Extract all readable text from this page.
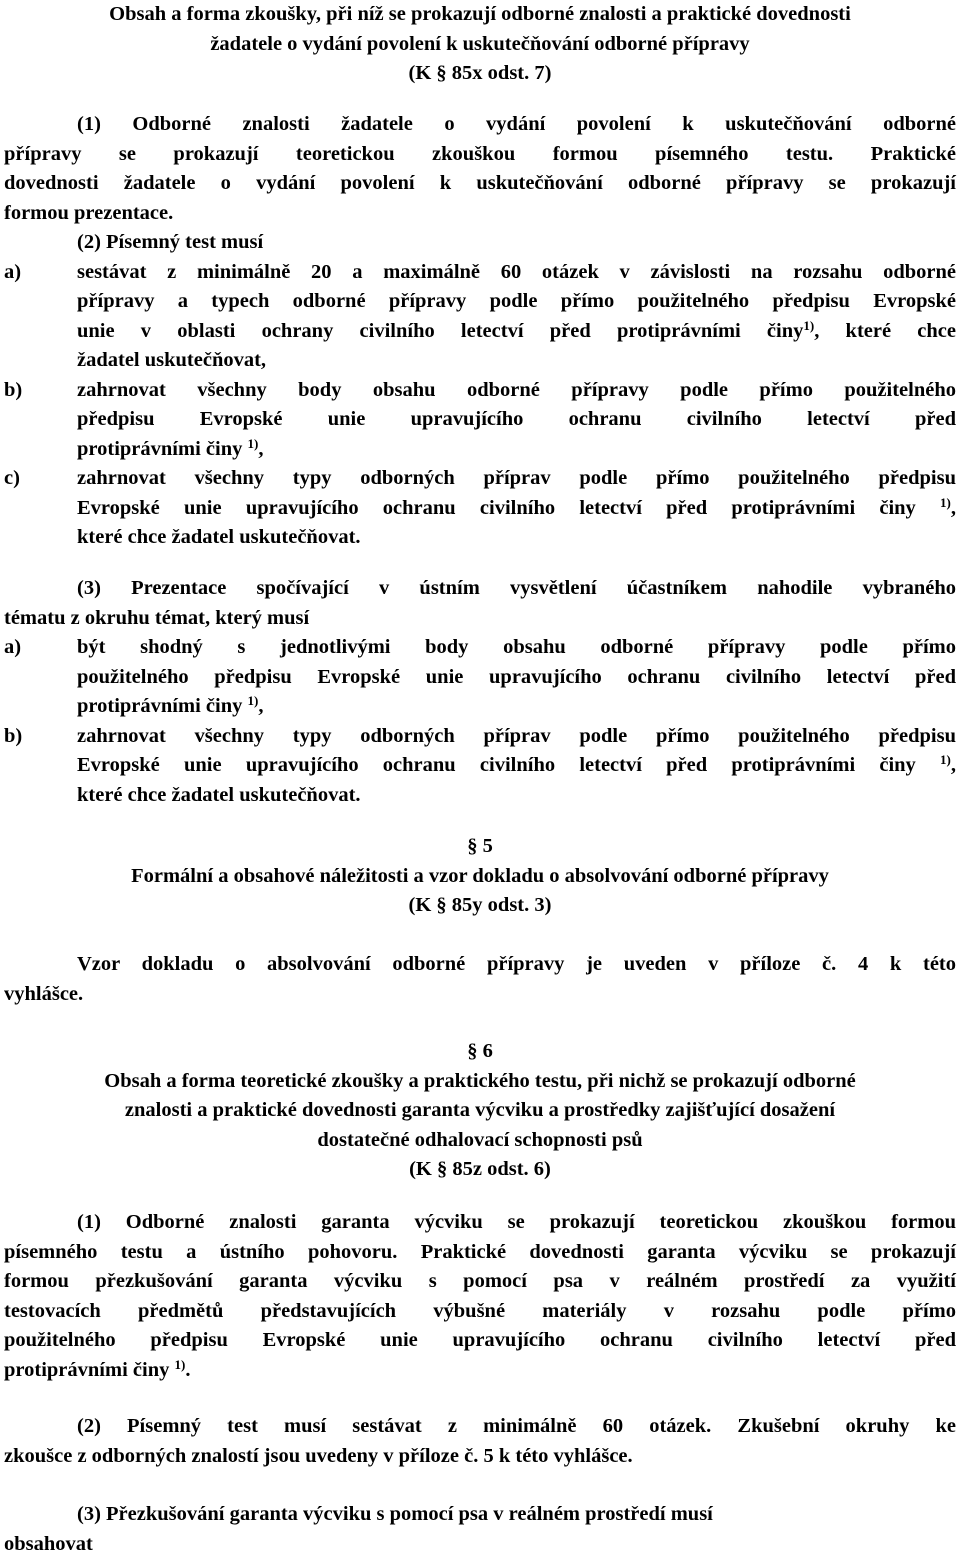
Obsah a forma zkoušky, při níž se prokazují odborné znalosti a praktické dovednosti
žadatele o vydání povolení k uskutečňování odborné přípravy
(K § 85x odst. 7)
(1) Odborné znalosti žadatele o vydání povolení k uskutečňování odborné
přípravy se prokazují teoretickou zkouškou formou písemného testu. Praktické
dovednosti žadatele o vydání povolení k uskutečňování odborné přípravy se prokazují
formou prezentace.
(2) Písemný test musí
a)	sestávat z minimálně 20 a maximálně 60 otázek v závislosti na rozsahu odborné
přípravy a typech odborné přípravy podle přímo použitelného předpisu Evropské
unie v oblasti ochrany civilního letectví před protiprávními činy$^{1)}$, které chce
žadatel uskutečňovat,
b)	zahrnovat všechny body obsahu odborné přípravy podle přímo použitelného
předpisu Evropské unie upravujícího ochranu civilního letectví před
protiprávními činy $^{1)}$,
c)	zahrnovat všechny typy odborných příprav podle přímo použitelného předpisu
Evropské unie upravujícího ochranu civilního letectví před protiprávními činy $^{1)}$,
které chce žadatel uskutečňovat.
(3) Prezentace spočívající v ústním vysvětlení účastníkem nahodile vybraného
tématu z okruhu témat, který musí
a)	být shodný s jednotlivými body obsahu odborné přípravy podle přímo
použitelného předpisu Evropské unie upravujícího ochranu civilního letectví před
protiprávními činy $^{1)}$,
b)	zahrnovat všechny typy odborných příprav podle přímo použitelného předpisu
Evropské unie upravujícího ochranu civilního letectví před protiprávními činy $^{1)}$,
které chce žadatel uskutečňovat.
§ 5
Formální a obsahové náležitosti a vzor dokladu o absolvování odborné přípravy
(K § 85y odst. 3)
Vzor dokladu o absolvování odborné přípravy je uveden v příloze č. 4 k této
vyhlášce.
§ 6
Obsah a forma teoretické zkoušky a praktického testu, při nichž se prokazují odborné
znalosti a praktické dovednosti garanta výcviku a prostředky zajišťující dosažení
dostatečné odhalovací schopnosti psů
(K § 85z odst. 6)
(1) Odborné znalosti garanta výcviku se prokazují teoretickou zkouškou formou
písemného testu a ústního pohovoru. Praktické dovednosti garanta výcviku se prokazují
formou přezkušování garanta výcviku s pomocí psa v reálném prostředí za využití
testovacích předmětů představujících výbušné materiály v rozsahu podle přímo
použitelného předpisu Evropské unie upravujícího ochranu civilního letectví před
protiprávními činy $^{1)}$.
(2) Písemný test musí sestávat z minimálně 60 otázek. Zkušební okruhy ke
zkoušce z odborných znalostí jsou uvedeny v příloze č. 5 k této vyhlášce.
(3) Přezkušování garanta výcviku s pomocí psa v reálném prostředí musí
obsahovat
